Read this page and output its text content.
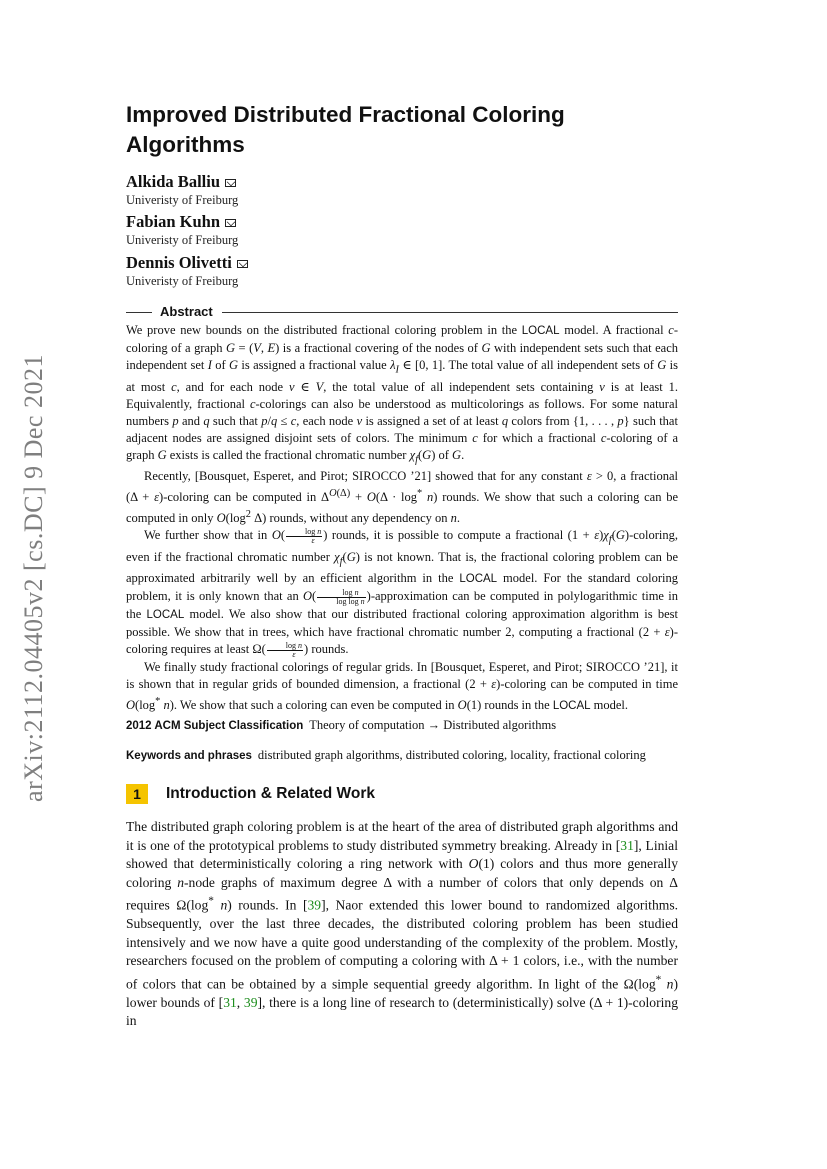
arXiv:2112.04405v2 [cs.DC] 9 Dec 2021
Improved Distributed Fractional Coloring Algorithms
Alkida Balliu
Univeristy of Freiburg
Fabian Kuhn
Univeristy of Freiburg
Dennis Olivetti
Univeristy of Freiburg
Abstract

We prove new bounds on the distributed fractional coloring problem in the LOCAL model. A fractional c-coloring of a graph G = (V, E) is a fractional covering of the nodes of G with independent sets such that each independent set I of G is assigned a fractional value $\lambda_I$ ∈ [0, 1]. The total value of all independent sets of G is at most c, and for each node v ∈ V, the total value of all independent sets containing v is at least 1. Equivalently, fractional c-colorings can also be understood as multicolorings as follows. For some natural numbers p and q such that p/q ≤ c, each node v is assigned a set of at least q colors from {1, . . . , p} such that adjacent nodes are assigned disjoint sets of colors. The minimum c for which a fractional c-coloring of a graph G exists is called the fractional chromatic number $\chi_f(G)$ of G.

Recently, [Bousquet, Esperet, and Pirot; SIROCCO ’21] showed that for any constant ε > 0, a fractional (Δ + ε)-coloring can be computed in $\Delta^{O(\Delta)} + O(\Delta \cdot \log^* n)$ rounds. We show that such a coloring can be computed in only $O(\log^2$ Δ) rounds, without any dependency on n.

We further show that in $O( \frac{\text{log n}}{\varepsilon}$ ) rounds, it is possible to compute a fractional $(1 + \varepsilon)\chi_f(G)$-coloring, even if the fractional chromatic number $\chi_f(G)$ is not known. That is, the fractional coloring problem can be approximated arbitrarily well by an efficient algorithm in the LOCAL model. For the standard coloring problem, it is only known that an $O( \frac{\text{log n}}{\text{log log n}}$ )-approximation can be computed in polylogarithmic time in the LOCAL model. We also show that our distributed fractional coloring approximation algorithm is best possible. We show that in trees, which have fractional chromatic number 2, computing a fractional (2 + ε)-coloring requires at least $\Omega( \frac{\text{log n}}{\varepsilon}$ ) rounds.

We finally study fractional colorings of regular grids. In [Bousquet, Esperet, and Pirot; SIROCCO ’21], it is shown that in regular grids of bounded dimension, a fractional (2 + ε)-coloring can be computed in time O(log* n). We show that such a coloring can even be computed in O(1) rounds in the LOCAL model.

2012 ACM Subject Classification Theory of computation → Distributed algorithms
Keywords and phrases distributed graph algorithms, distributed coloring, locality, fractional coloring
1	Introduction & Related Work

The distributed graph coloring problem is at the heart of the area of distributed graph algorithms and it is one of the prototypical problems to study distributed symmetry breaking. Already in [31], Linial showed that deterministically coloring a ring network with O(1) colors and thus more generally coloring n-node graphs of maximum degree Δ with a number of colors that only depends on Δ requires Ω(log* n) rounds. In [39], Naor extended this lower bound to randomized algorithms. Subsequently, over the last three decades, the distributed coloring problem has been studied intensively and we now have a quite good understanding of the complexity of the problem. Mostly, researchers focused on the problem of computing a coloring with Δ + 1 colors, i.e., with the number of colors that can be obtained by a simple sequential greedy algorithm. In light of the Ω(log* n) lower bounds of [31, 39], there is a long line of research to (deterministically) solve (Δ + 1)-coloring in
